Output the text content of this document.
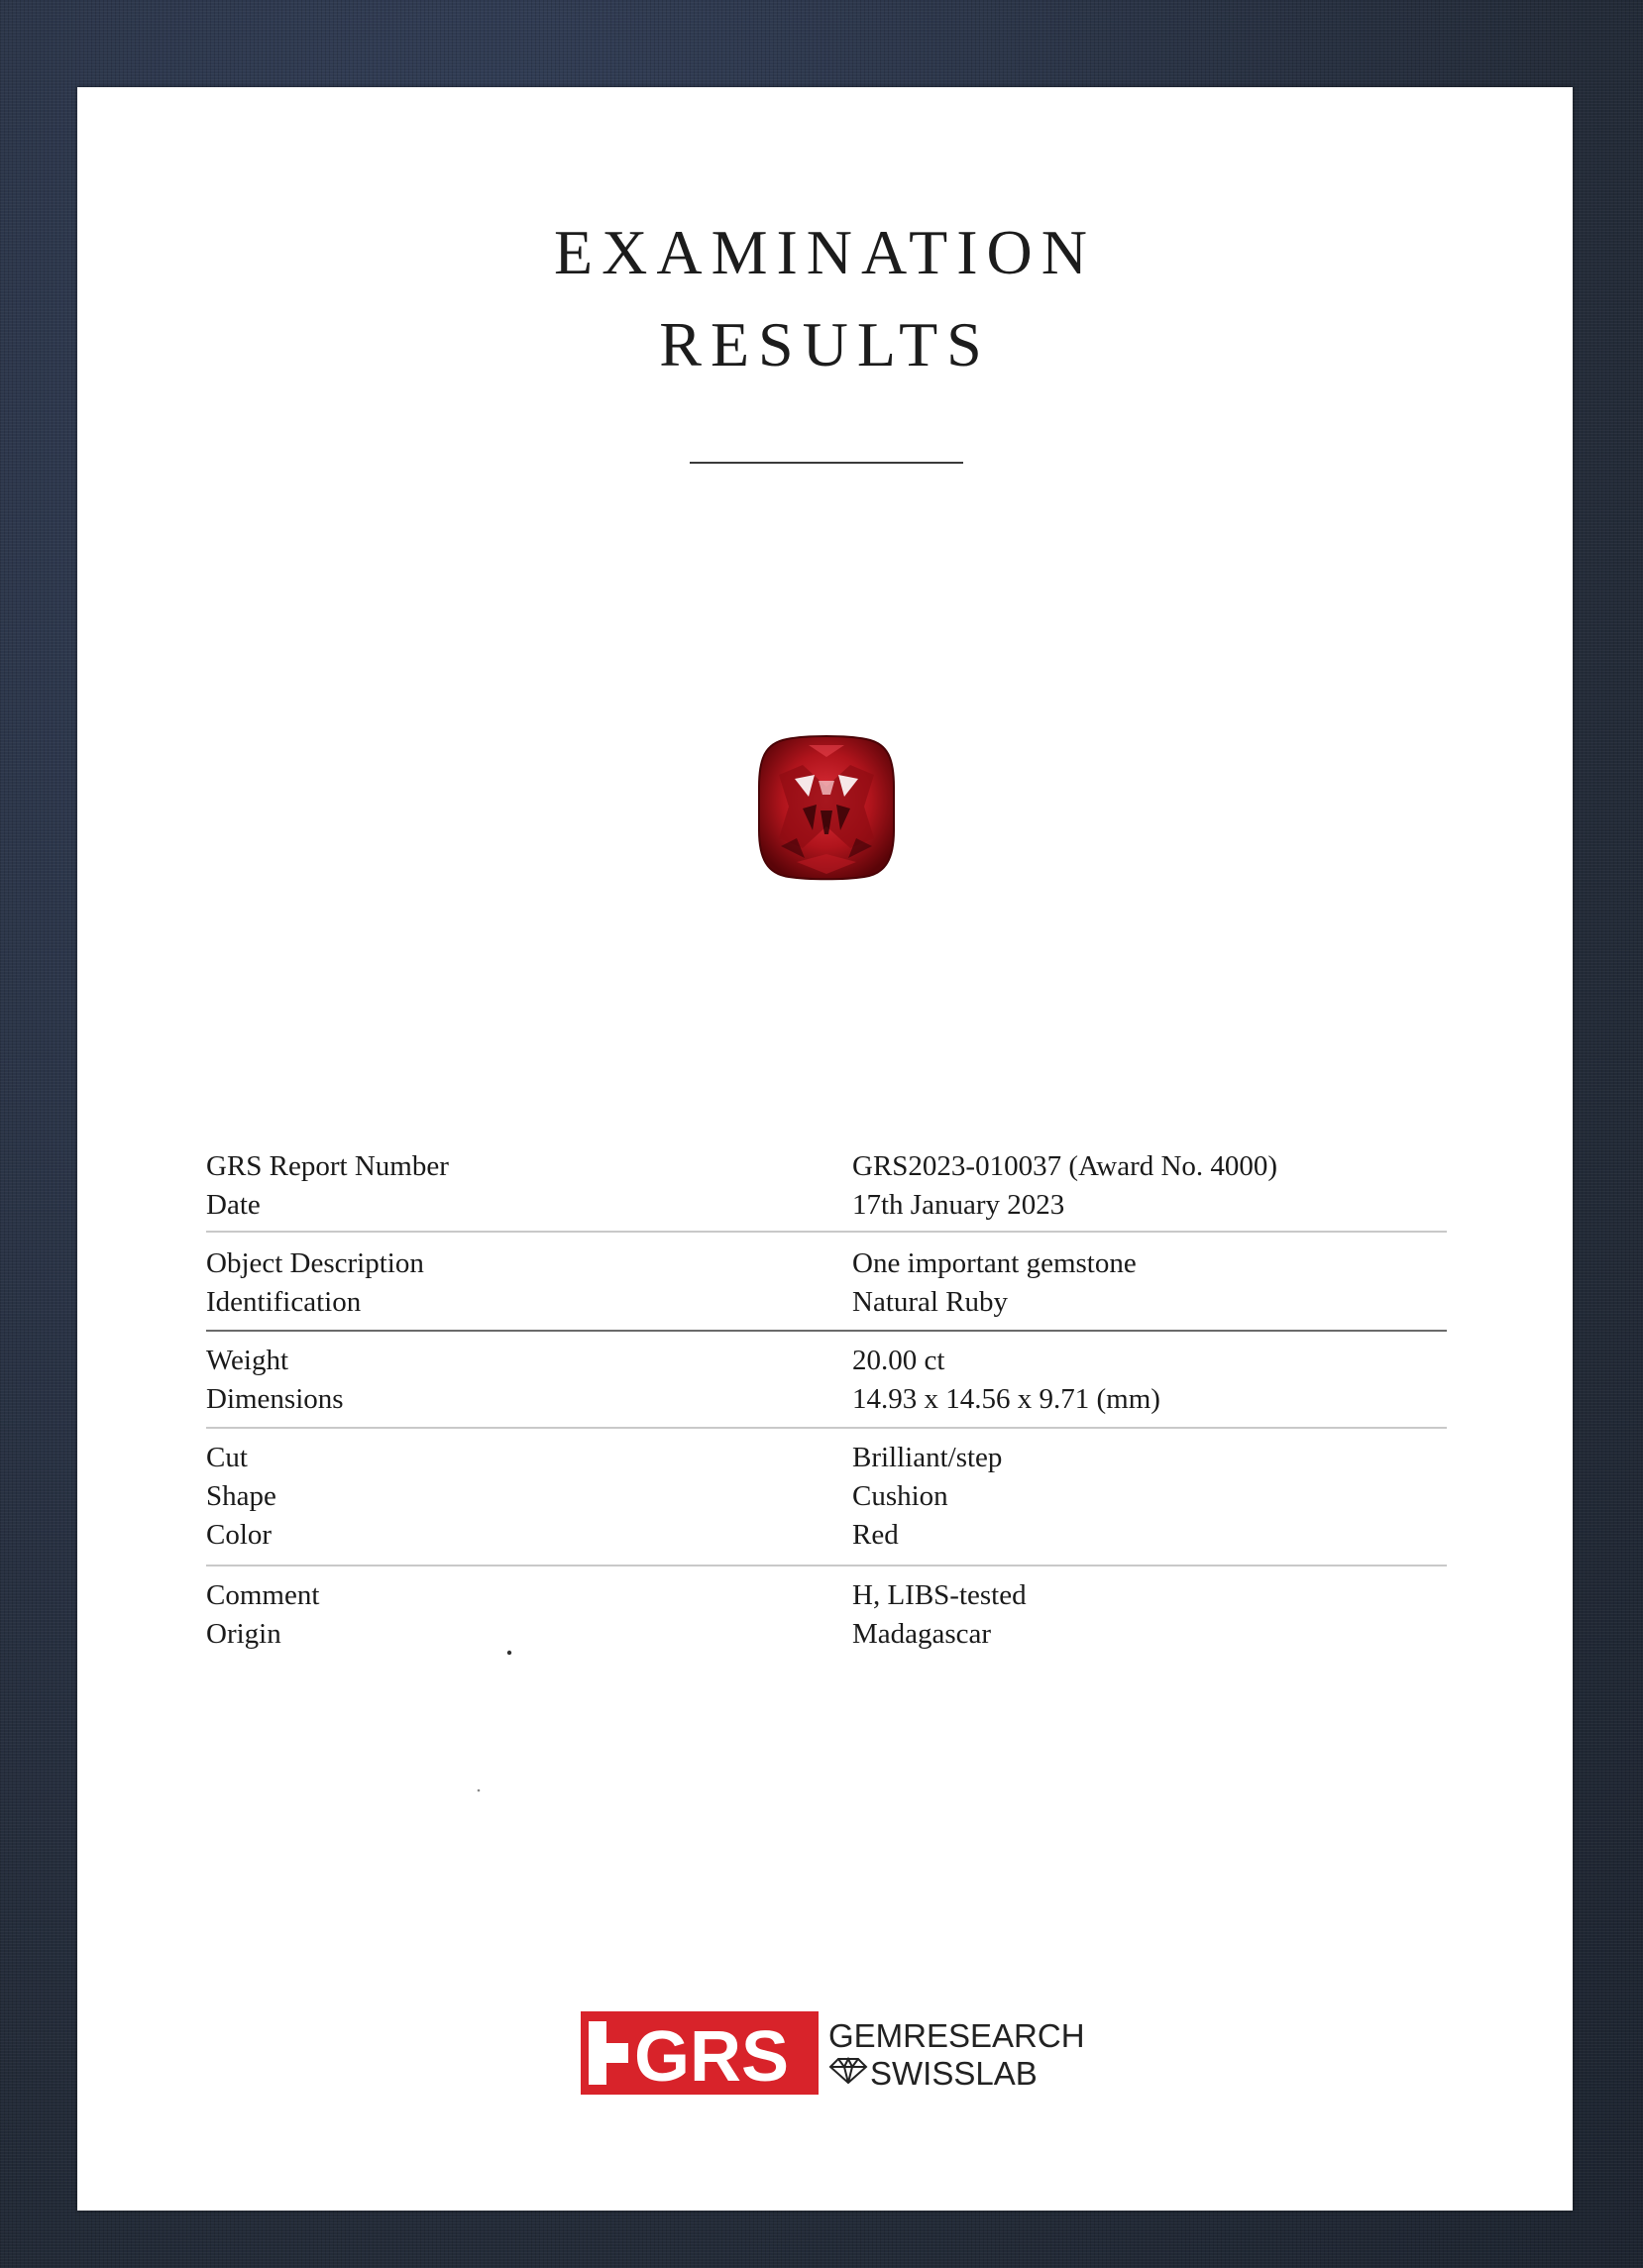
EXAMINATION
RESULTS
GRS Report Number	GRS2023-010037 (Award No. 4000)
Date	17th January 2023
Object Description	One important gemstone
Identification	Natural Ruby
Weight	20.00 ct
Dimensions	14.93 x 14.56 x 9.71 (mm)
Cut	Brilliant/step
Shape	Cushion
Color	Red
Comment	H, LIBS-tested
Origin	Madagascar
GRS GEMRESEARCH
SWISSLAB
